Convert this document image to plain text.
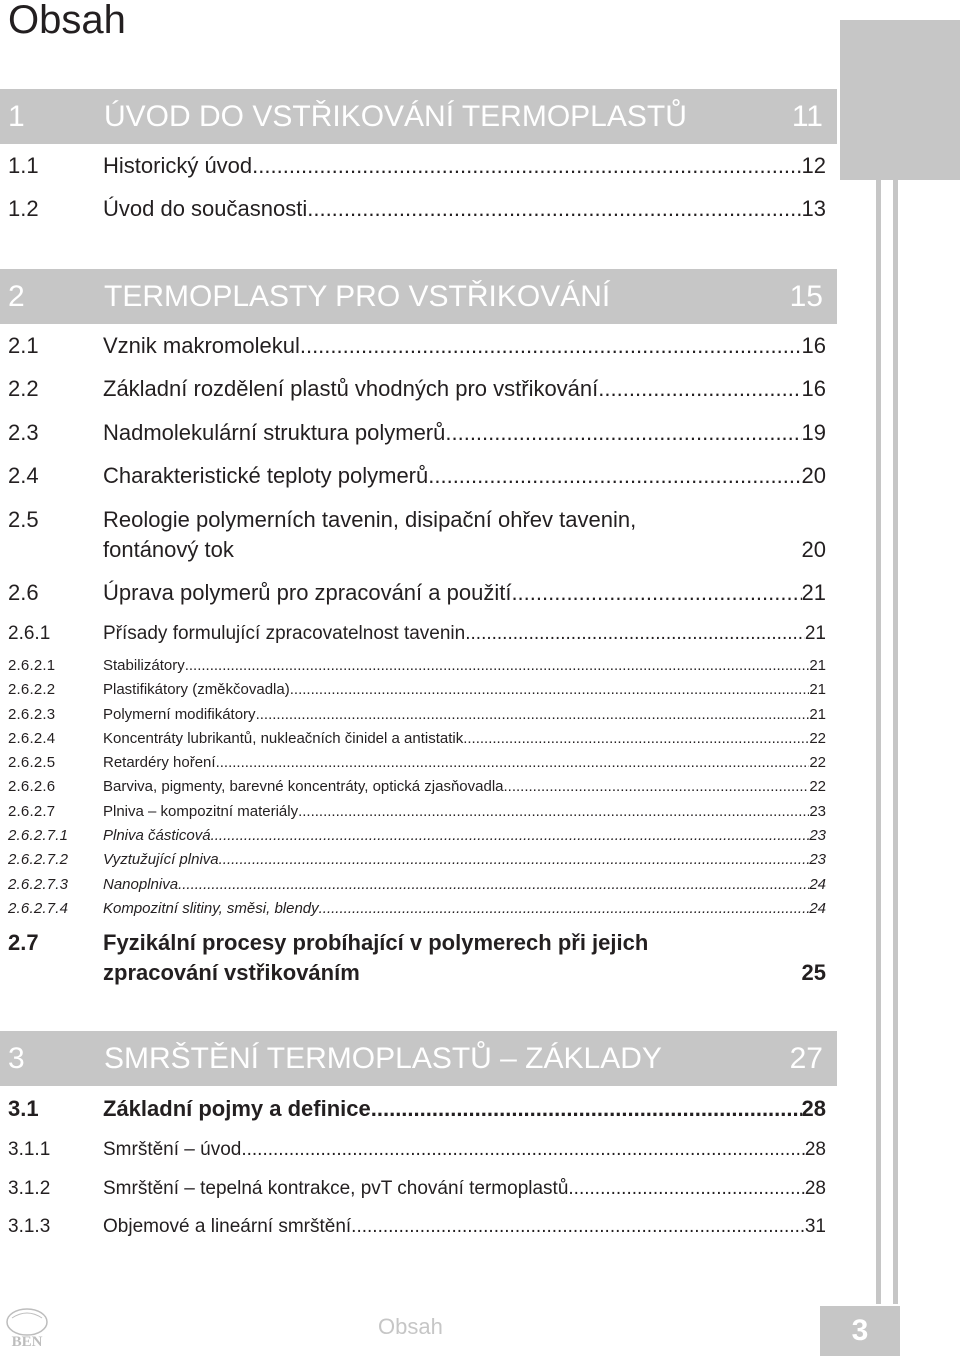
Obsah
1	ÚVOD DO VSTŘIKOVÁNÍ TERMOPLASTŮ	11
1.1	Historický úvod .....	12
1.2	Úvod do současnosti .....	13
2	TERMOPLASTY PRO VSTŘIKOVÁNÍ	15
2.1	Vznik makromolekul .....	16
2.2	Základní rozdělení plastů vhodných pro vstřikování .....	16
2.3	Nadmolekulární struktura polymerů .....	19
2.4	Charakteristické teploty polymerů .....	20
2.5	Reologie polymerních tavenin, disipační ohřev tavenin,
fontánový tok	20
2.6	Úprava polymerů pro zpracování a použití .....	21
2.6.1	Přísady formulující zpracovatelnost tavenin .....	21
2.6.2.1	Stabilizátory .....	21
2.6.2.2	Plastifikátory (změkčovadla) .....	21
2.6.2.3	Polymerní modifikátory .....	21
2.6.2.4	Koncentráty lubrikantů, nukleačních činidel a antistatik .....	22
2.6.2.5	Retardéry hoření .....	22
2.6.2.6	Barviva, pigmenty, barevné koncentráty, optická zjasňovadla .....	22
2.6.2.7	Plniva – kompozitní materiály .....	23
2.6.2.7.1 Plniva částicová .....	23
2.6.2.7.2 Vyztužující plniva .....	23
2.6.2.7.3 Nanoplniva .....	24
2.6.2.7.4 Kompozitní slitiny, směsi, blendy .....	24
2.7	Fyzikální procesy probíhající v polymerech při jejich
zpracování vstřikováním	25
3	SMRŠTĚNÍ TERMOPLASTŮ – ZÁKLADY	27
3.1	Základní pojmy a definice .....	28
3.1.1	Smrštění – úvod .....	28
3.1.2	Smrštění – tepelná kontrakce, pvT chování termoplastů .....	28
3.1.3	Objemové a lineární smrštění .....	31
BEN
Obsah	3
